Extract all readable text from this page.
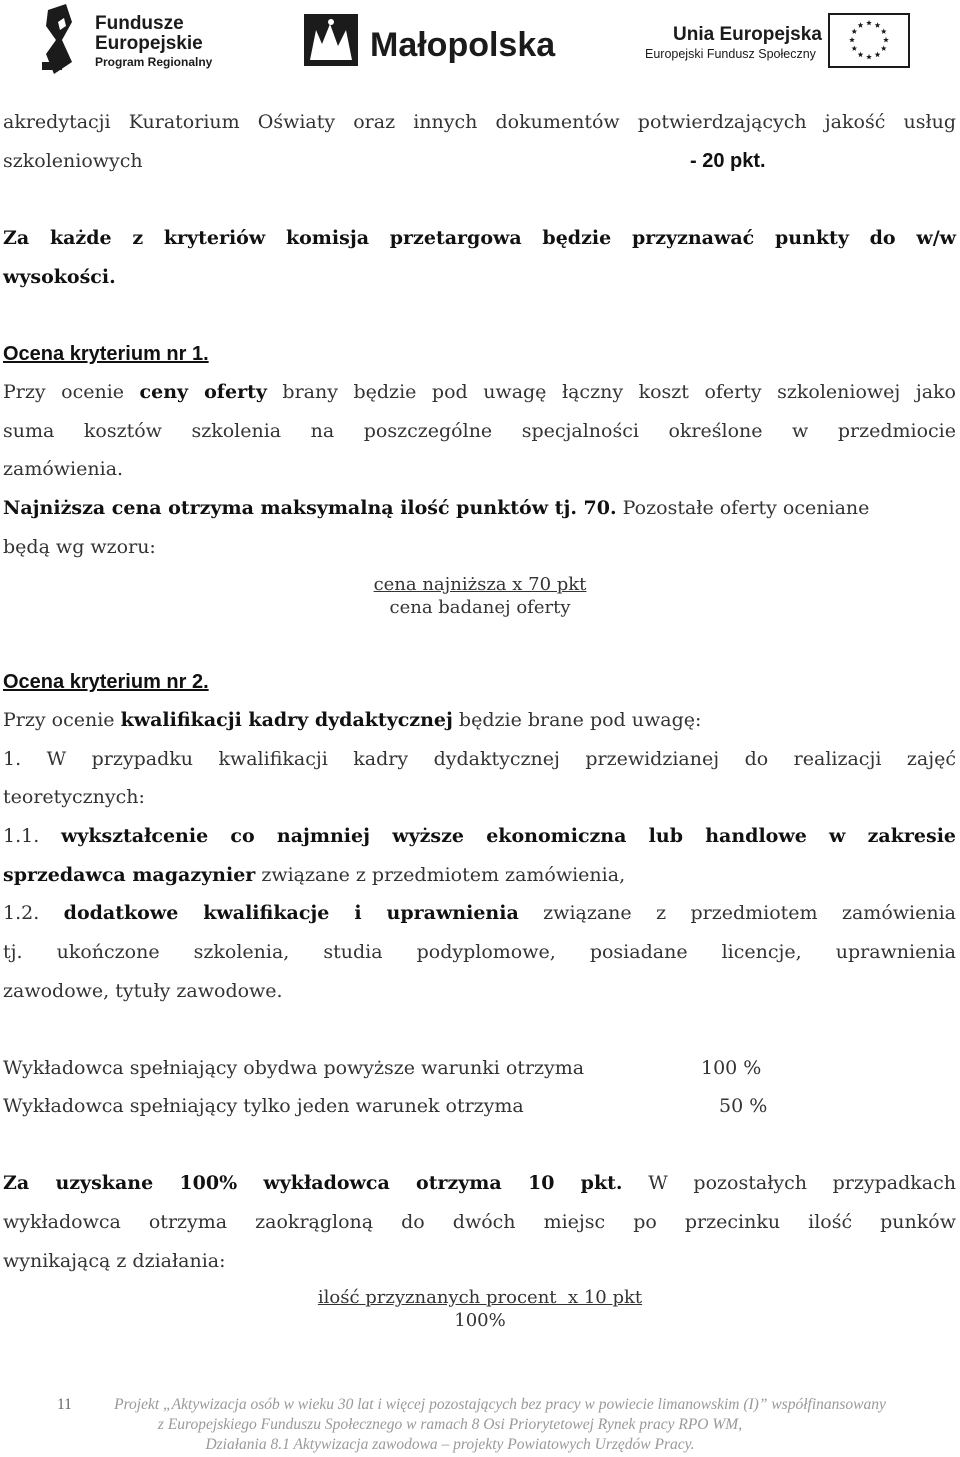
Fundusze
Europejskie
Program Regionalny	Małopolska	Unia Europejska
Europejski Fundusz Społeczny
akredytacji Kuratorium Oświaty oraz innych dokumentów potwierdzających jakość usług
szkoleniowych	- 20 pkt.
Za każde z kryteriów komisja przetargowa będzie przyznawać punkty do w/w
wysokości.
Ocena kryterium nr 1.
Przy ocenie ceny oferty brany będzie pod uwagę łączny koszt oferty szkoleniowej jako
suma kosztów szkolenia na poszczególne specjalności określone w przedmiocie
zamówienia.
Najniższa cena otrzyma maksymalną ilość punktów tj. 70. Pozostałe oferty oceniane
będą wg wzoru:
cena najniższa x 70 pkt
cena badanej oferty
Ocena kryterium nr 2.
Przy ocenie kwalifikacji kadry dydaktycznej będzie brane pod uwagę:
1. W przypadku kwalifikacji kadry dydaktycznej przewidzianej do realizacji zajęć
teoretycznych:
1.1. wykształcenie co najmniej wyższe ekonomiczna lub handlowe w zakresie
sprzedawca magazynier związane z przedmiotem zamówienia,
1.2. dodatkowe kwalifikacje i uprawnienia związane z przedmiotem zamówienia
tj. ukończone szkolenia, studia podyplomowe, posiadane licencje, uprawnienia
zawodowe, tytuły zawodowe.
Wykładowca spełniający obydwa powyższe warunki otrzyma	100 %
Wykładowca spełniający tylko jeden warunek otrzyma	50 %
Za uzyskane 100% wykładowca otrzyma 10 pkt. W pozostałych przypadkach
wykładowca otrzyma zaokrągloną do dwóch miejsc po przecinku ilość punków
wynikającą z działania:
ilość przyznanych procent  x 10 pkt
100%
11	Projekt „Aktywizacja osób w wieku 30 lat i więcej pozostających bez pracy w powiecie limanowskim (I)” współfinansowany
z Europejskiego Funduszu Społecznego w ramach 8 Osi Priorytetowej Rynek pracy RPO WM,
Działania 8.1 Aktywizacja zawodowa – projekty Powiatowych Urzędów Pracy.
